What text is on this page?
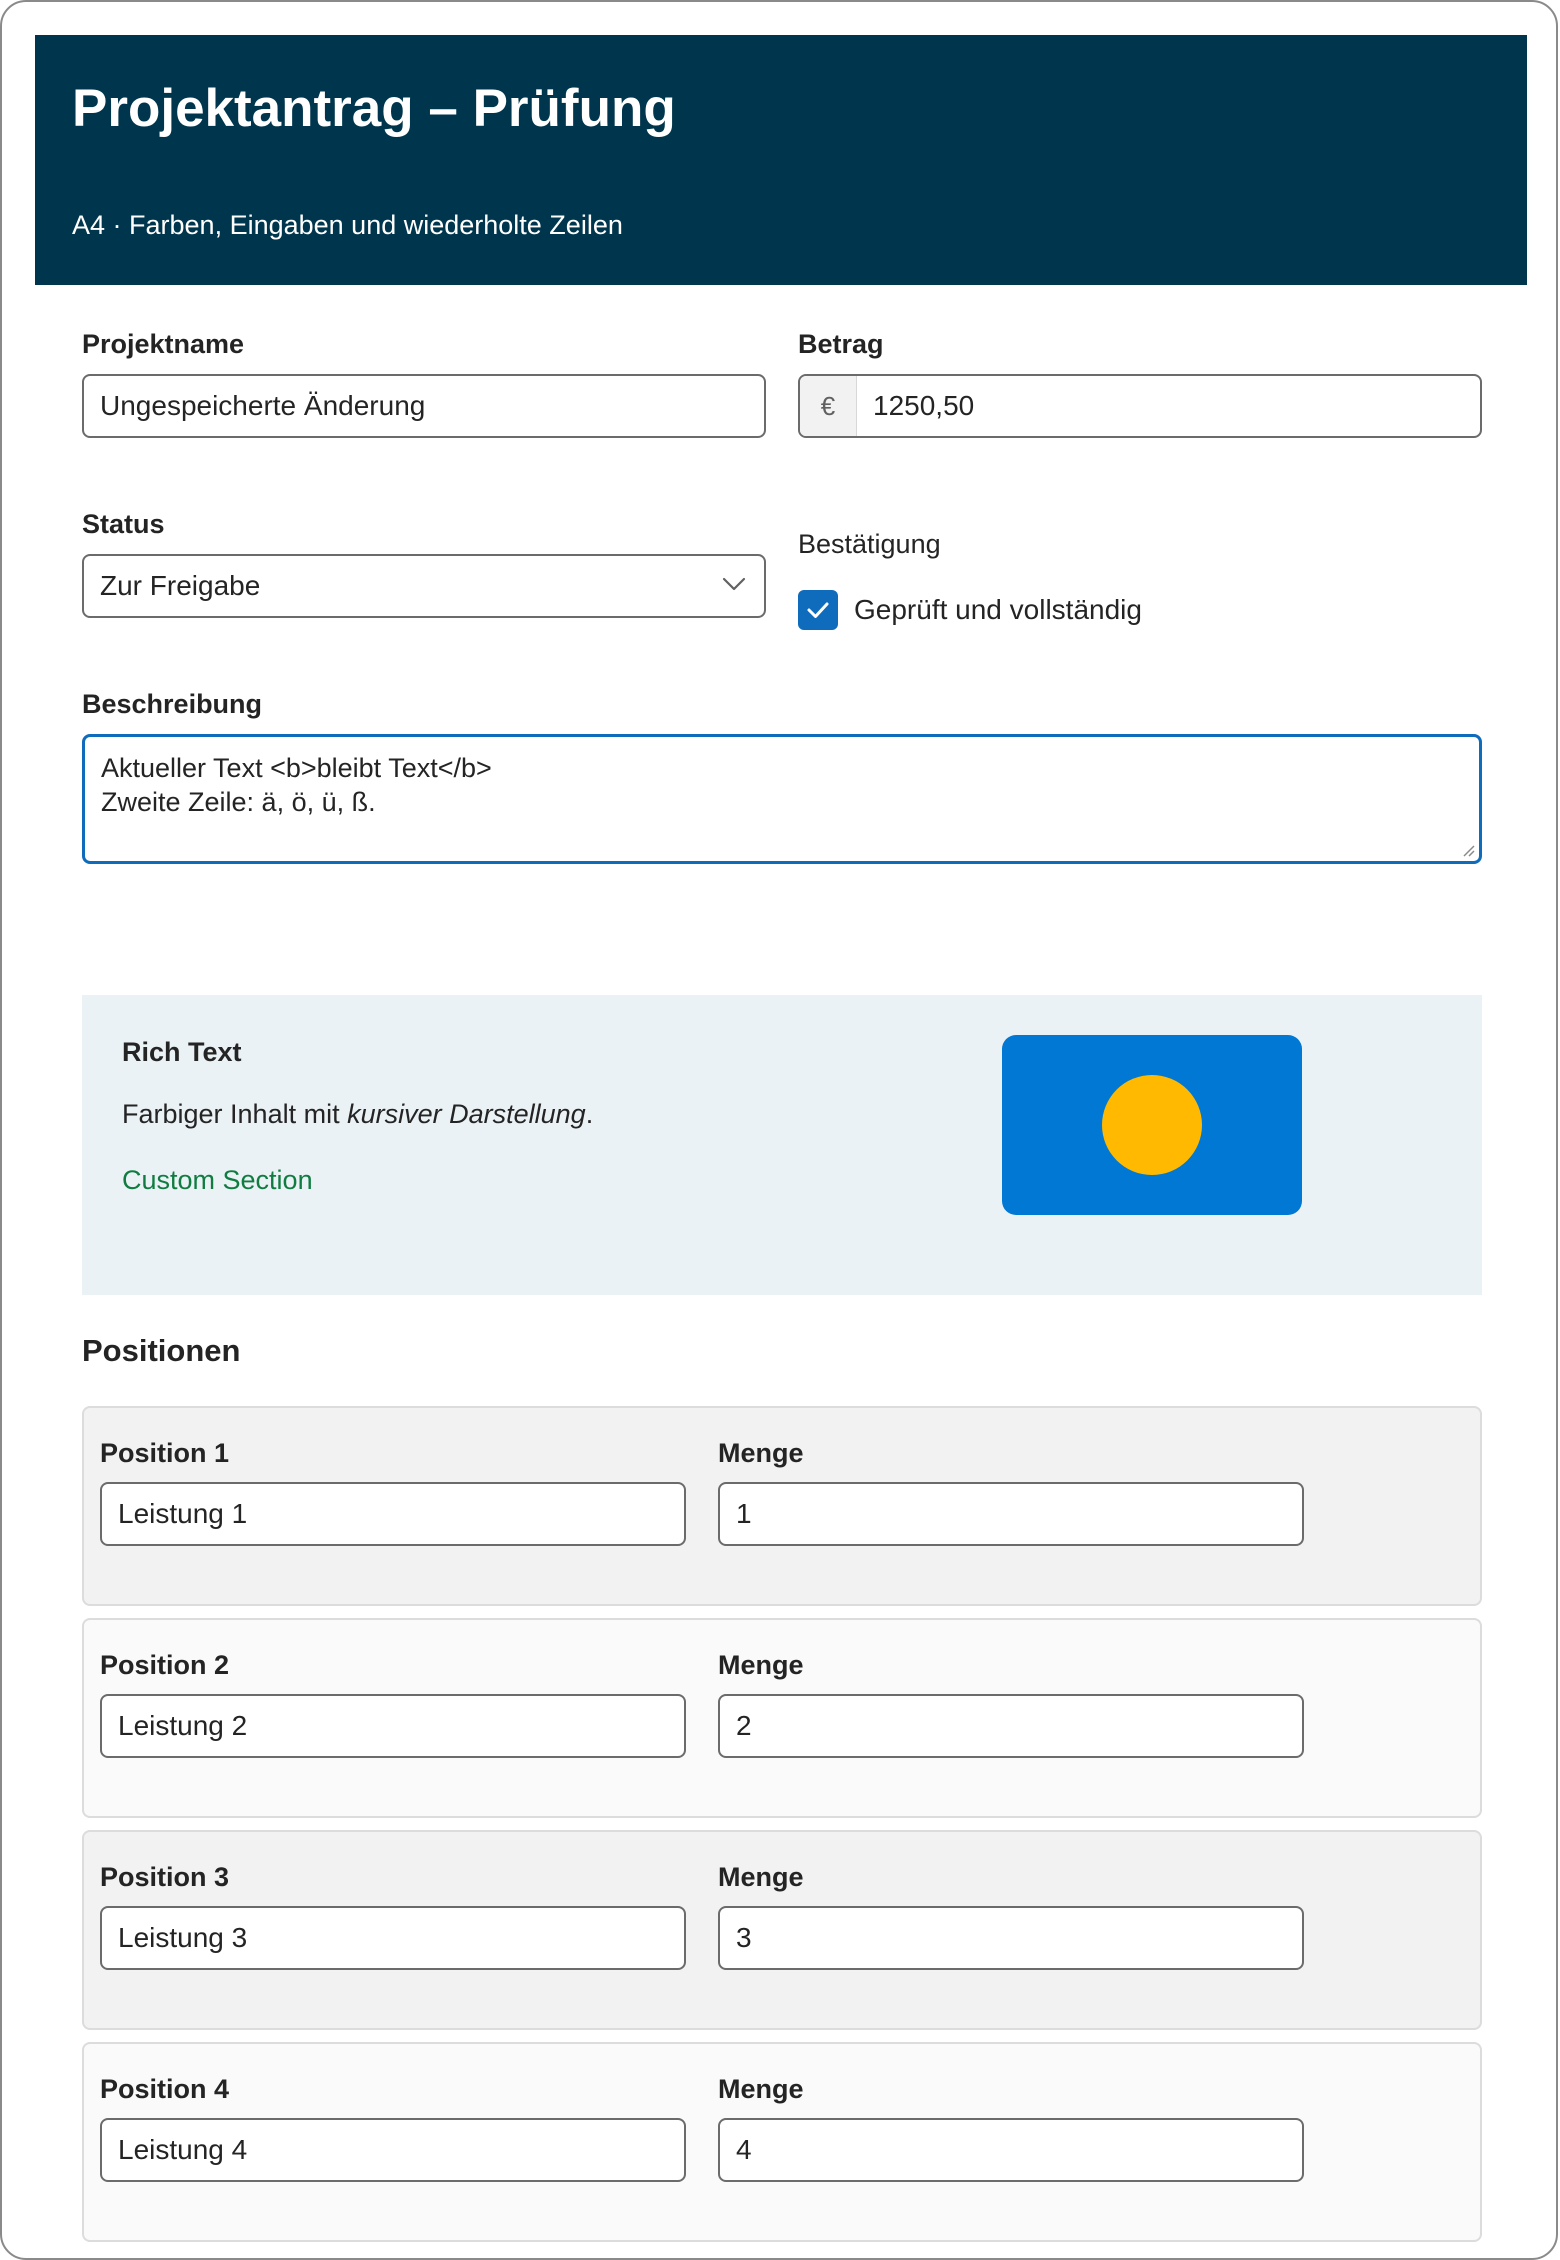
Projektantrag – Prüfung
A4 · Farben, Eingaben und wiederholte Zeilen
Projektname
Ungespeicherte Änderung
Betrag
€	1250,50
Status
Zur Freigabe
Bestätigung
Geprüft und vollständig
Beschreibung
Aktueller Text <b>bleibt Text</b>
Zweite Zeile: ä, ö, ü, ß.
Rich Text
Farbiger Inhalt mit kursiver Darstellung.
Custom Section
Positionen
Position 1	Menge
Leistung 1	1
Position 2	Menge
Leistung 2	2
Position 3	Menge
Leistung 3	3
Position 4	Menge
Leistung 4	4
